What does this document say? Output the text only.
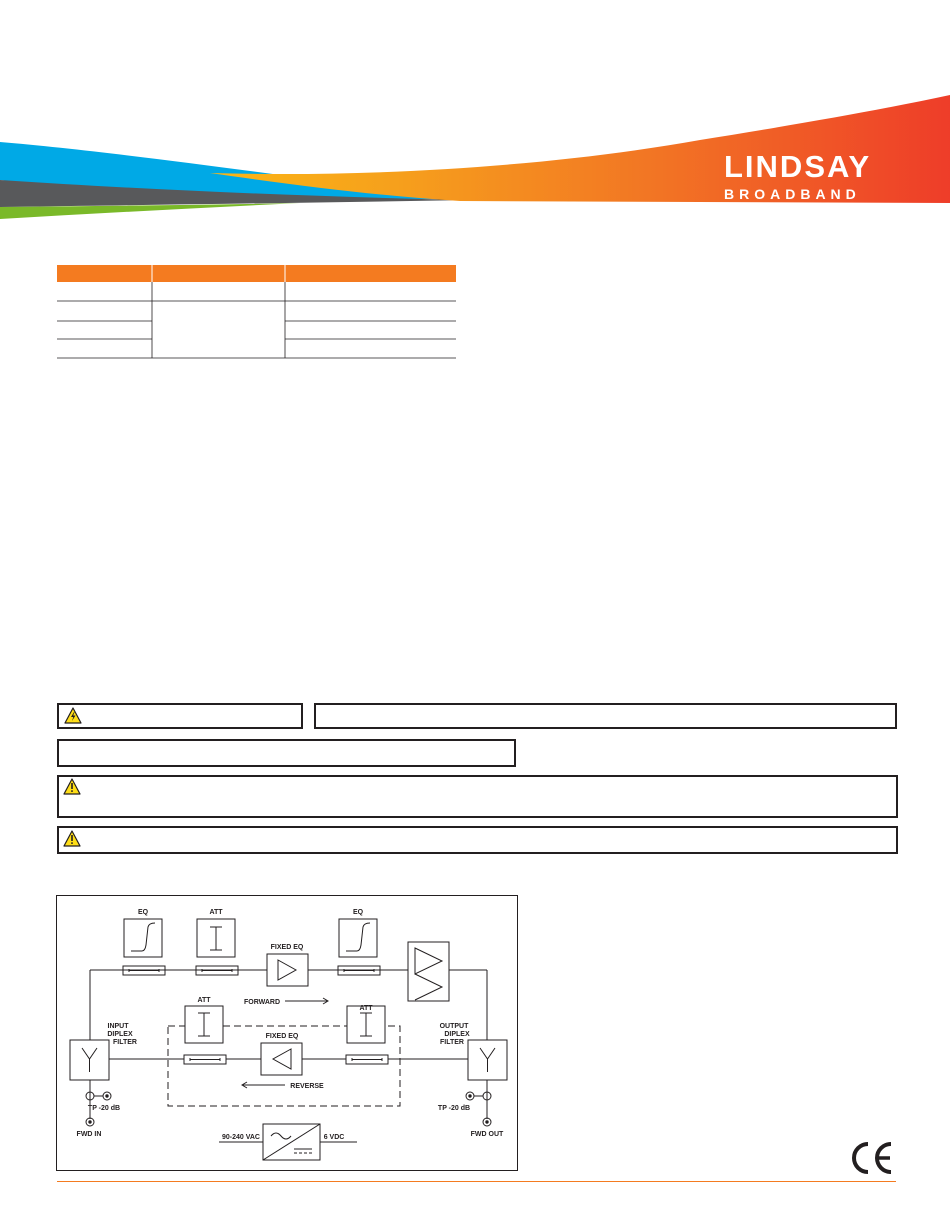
LINDSAY
BROADBAND
EQ	ATT
FIXED EQ
EQ
FORWARD
ATT
ATT
FIXED EQ
REVERSE
INPUT
DIPLEX
FILTER
OUTPUT
DIPLEX
FILTER
TP -20 dB	TP -20 dB
FWD IN	FWD OUT
90-240 VAC	6 VDC
